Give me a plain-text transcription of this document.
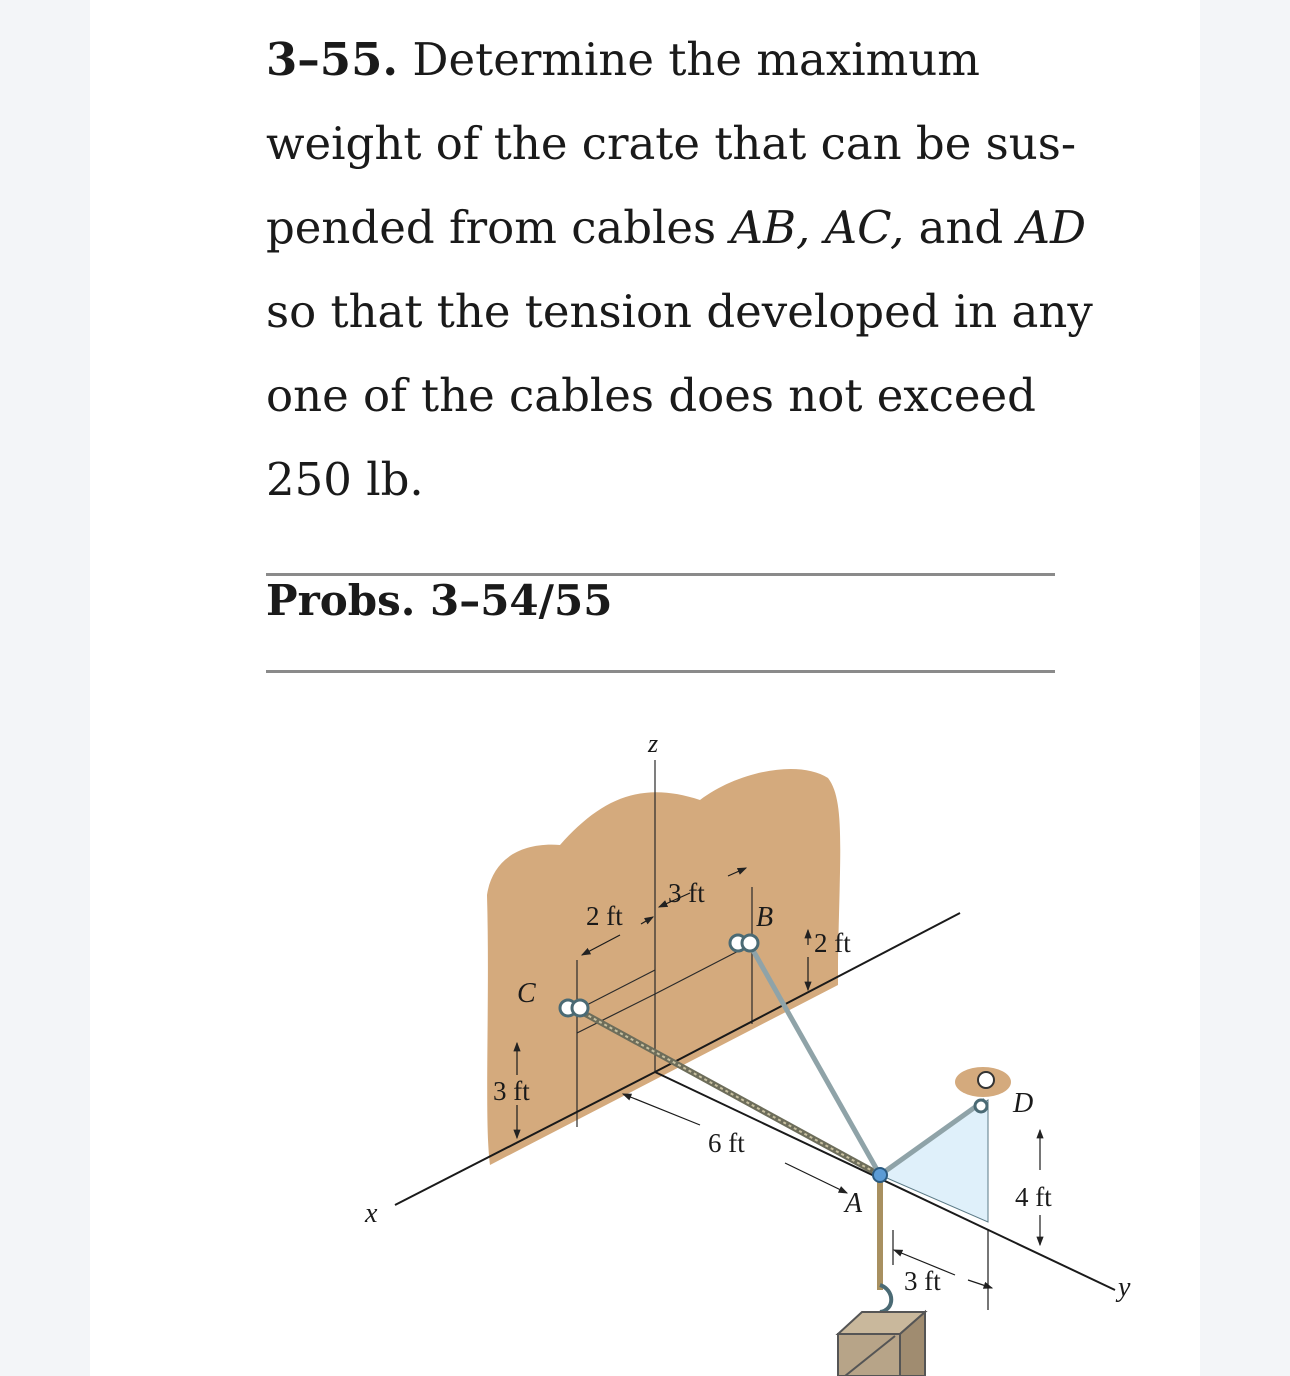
3–55. Determine the maximum
weight of the crate that can be sus-
pended from cables AB, AC, and AD
so that the tension developed in any
one of the cables does not exceed
250 lb.
Probs. 3–54/55
z
x
y
A
B
C
D
2 ft
3 ft
2 ft
3 ft
6 ft
4 ft
3 ft
